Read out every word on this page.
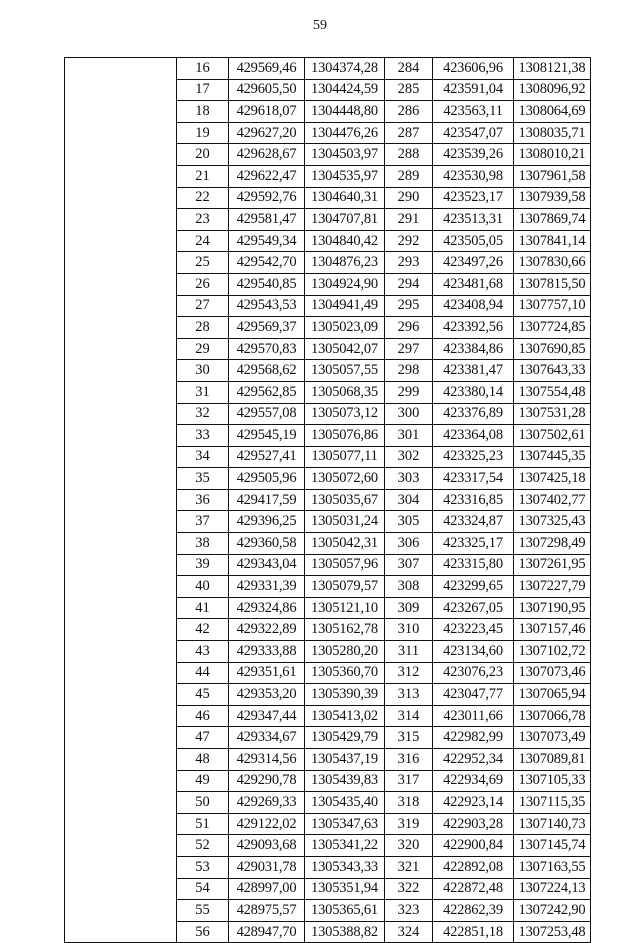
59
	16	429569,46	1304374,28	284	423606,96	1308121,38
	17	429605,50	1304424,59	285	423591,04	1308096,92
	18	429618,07	1304448,80	286	423563,11	1308064,69
	19	429627,20	1304476,26	287	423547,07	1308035,71
	20	429628,67	1304503,97	288	423539,26	1308010,21
	21	429622,47	1304535,97	289	423530,98	1307961,58
	22	429592,76	1304640,31	290	423523,17	1307939,58
	23	429581,47	1304707,81	291	423513,31	1307869,74
	24	429549,34	1304840,42	292	423505,05	1307841,14
	25	429542,70	1304876,23	293	423497,26	1307830,66
	26	429540,85	1304924,90	294	423481,68	1307815,50
	27	429543,53	1304941,49	295	423408,94	1307757,10
	28	429569,37	1305023,09	296	423392,56	1307724,85
	29	429570,83	1305042,07	297	423384,86	1307690,85
	30	429568,62	1305057,55	298	423381,47	1307643,33
	31	429562,85	1305068,35	299	423380,14	1307554,48
	32	429557,08	1305073,12	300	423376,89	1307531,28
	33	429545,19	1305076,86	301	423364,08	1307502,61
	34	429527,41	1305077,11	302	423325,23	1307445,35
	35	429505,96	1305072,60	303	423317,54	1307425,18
	36	429417,59	1305035,67	304	423316,85	1307402,77
	37	429396,25	1305031,24	305	423324,87	1307325,43
	38	429360,58	1305042,31	306	423325,17	1307298,49
	39	429343,04	1305057,96	307	423315,80	1307261,95
	40	429331,39	1305079,57	308	423299,65	1307227,79
	41	429324,86	1305121,10	309	423267,05	1307190,95
	42	429322,89	1305162,78	310	423223,45	1307157,46
	43	429333,88	1305280,20	311	423134,60	1307102,72
	44	429351,61	1305360,70	312	423076,23	1307073,46
	45	429353,20	1305390,39	313	423047,77	1307065,94
	46	429347,44	1305413,02	314	423011,66	1307066,78
	47	429334,67	1305429,79	315	422982,99	1307073,49
	48	429314,56	1305437,19	316	422952,34	1307089,81
	49	429290,78	1305439,83	317	422934,69	1307105,33
	50	429269,33	1305435,40	318	422923,14	1307115,35
	51	429122,02	1305347,63	319	422903,28	1307140,73
	52	429093,68	1305341,22	320	422900,84	1307145,74
	53	429031,78	1305343,33	321	422892,08	1307163,55
	54	428997,00	1305351,94	322	422872,48	1307224,13
	55	428975,57	1305365,61	323	422862,39	1307242,90
	56	428947,70	1305388,82	324	422851,18	1307253,48
